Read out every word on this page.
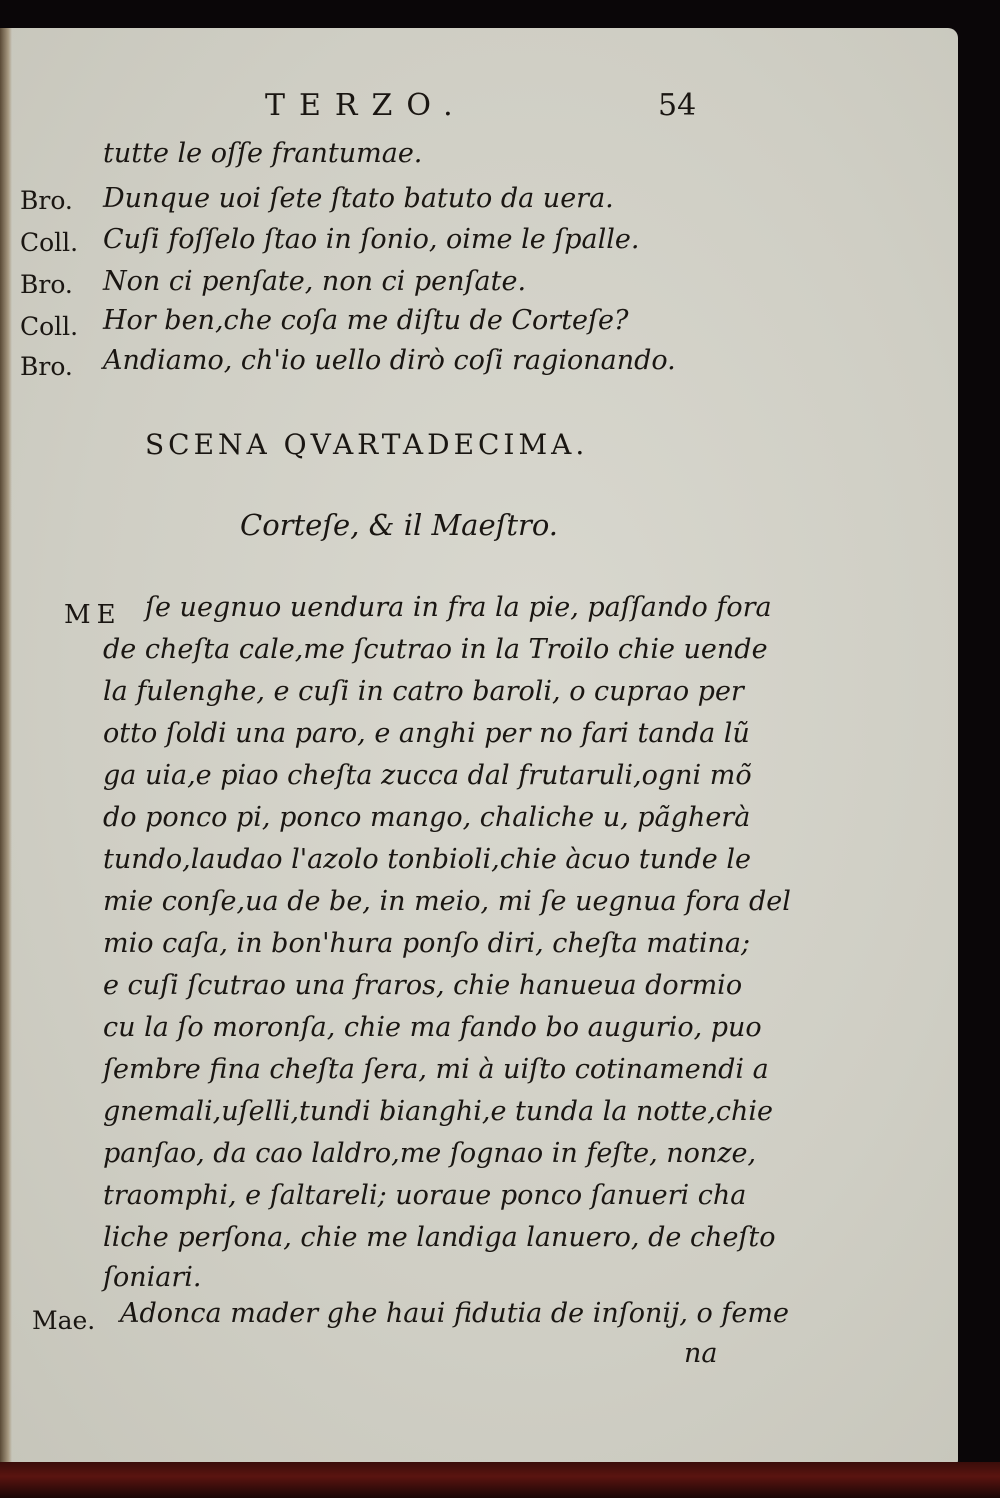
TERZO.	54
tutte le oſſe frantumae.
Bro. Dunque uoi ſete ſtato batuto da uera.
Coll. Cuſi foſſelo ſtao in ſonio, oime le ſpalle.
Bro. Non ci penſate, non ci penſate.
Coll. Hor ben,che coſa me diſtu de Corteſe?
Bro. Andiamo, ch'io uello dirò coſi ragionando.
SCENA QVARTADECIMA.
Corteſe, & il Maeſtro.
ME ſe uegnuo uendura in fra la pie, paſſando fora
de cheſta cale,me ſcutrao in la Troilo chie uende
la fulenghe, e cuſi in catro baroli, o cuprao per
otto ſoldi una paro, e anghi per no fari tanda lũ
ga uia,e piao cheſta zucca dal frutaruli,ogni mõ
do ponco pi, ponco mango, chaliche u, pãgherà
tundo,laudao l'azolo tonbioli,chie àcuo tunde le
mie conſe,ua de be, in meio, mi ſe uegnua fora del
mio caſa, in bon'hura ponſo diri, cheſta matina;
e cuſi ſcutrao una fraros, chie hanueua dormio
cu la ſo moronſa, chie ma fando bo augurio, puo
ſembre fina cheſta ſera, mi à uiſto cotinamendi a
gnemali,uſelli,tundi bianghi,e tunda la notte,chie
panſao, da cao laldro,me ſognao in feſte, nonze,
traomphi, e ſaltareli; uoraue ponco ſanueri cha
liche perſona, chie me landiga lanuero, de cheſto
ſoniari.
Mae. Adonca mader ghe haui fidutia de inſonij, o feme
na
